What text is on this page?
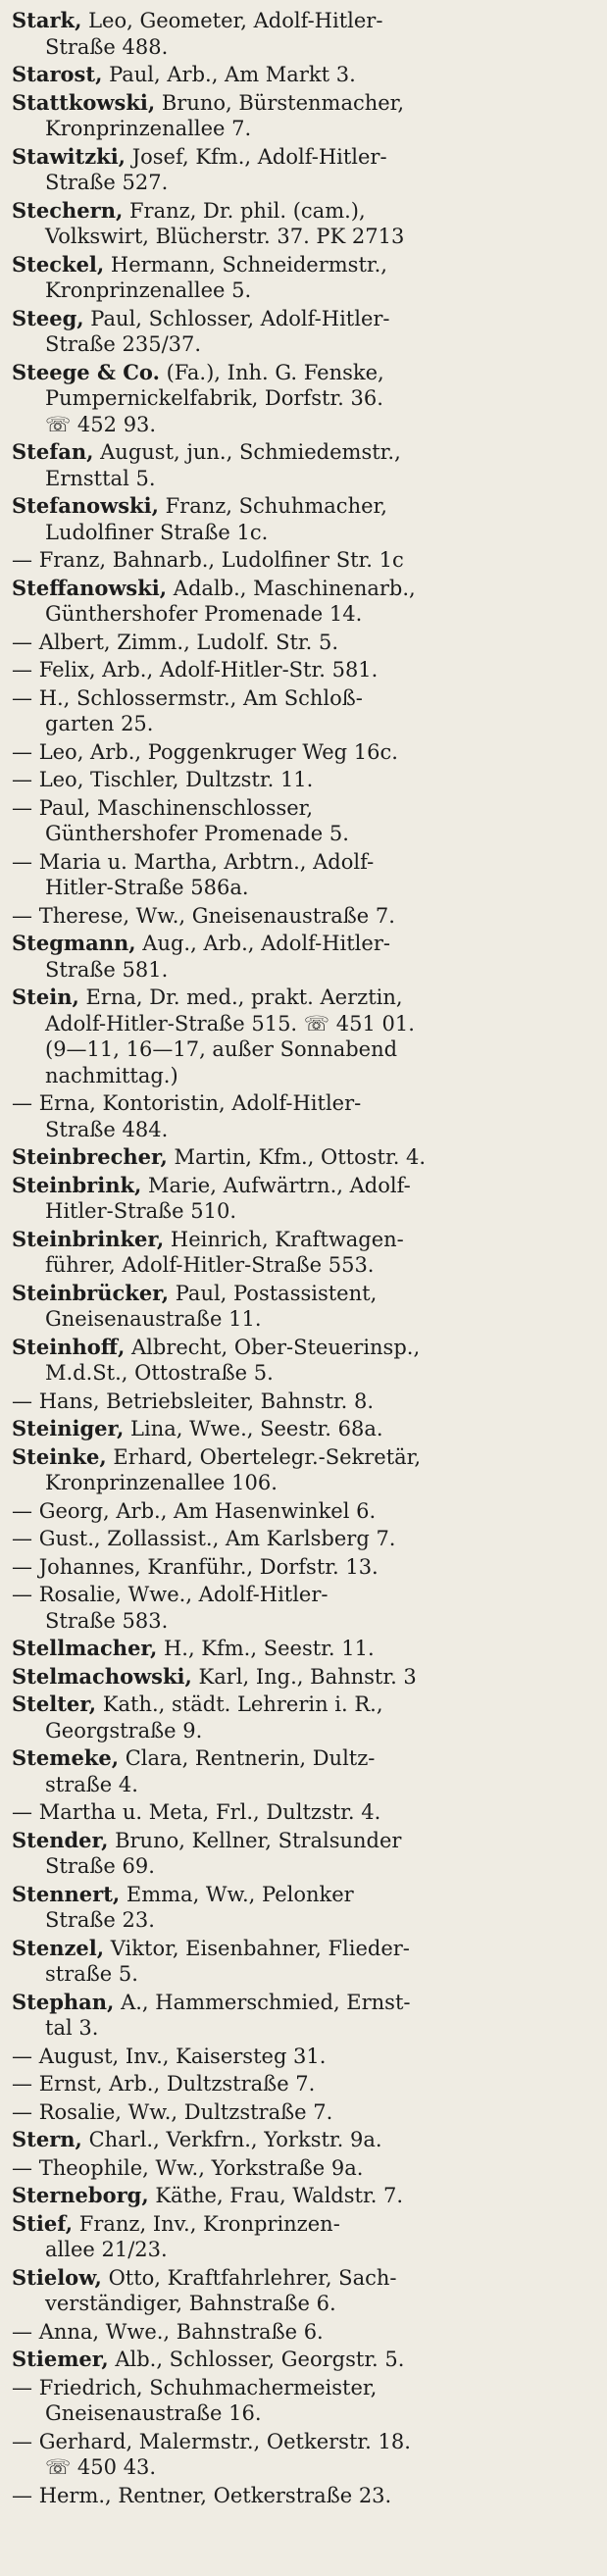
Stark, Leo, Geometer, Adolf-Hitler-
Straße 488.
Starost, Paul, Arb., Am Markt 3.
Stattkowski, Bruno, Bürstenmacher,
Kronprinzenallee 7.
Stawitzki, Josef, Kfm., Adolf-Hitler-
Straße 527.
Stechern, Franz, Dr. phil. (cam.),
Volkswirt, Blücherstr. 37. PK 2713
Steckel, Hermann, Schneidermstr.,
Kronprinzenallee 5.
Steeg, Paul, Schlosser, Adolf-Hitler-
Straße 235/37.
Steege & Co. (Fa.), Inh. G. Fenske,
Pumpernickelfabrik, Dorfstr. 36.
☏ 452 93.
Stefan, August, jun., Schmiedemstr.,
Ernsttal 5.
Stefanowski, Franz, Schuhmacher,
Ludolfiner Straße 1c.
— Franz, Bahnarb., Ludolfiner Str. 1c
Steffanowski, Adalb., Maschinenarb.,
Günthershofer Promenade 14.
— Albert, Zimm., Ludolf. Str. 5.
— Felix, Arb., Adolf-Hitler-Str. 581.
— H., Schlossermstr., Am Schloß-
garten 25.
— Leo, Arb., Poggenkruger Weg 16c.
— Leo, Tischler, Dultzstr. 11.
— Paul, Maschinenschlosser,
Günthershofer Promenade 5.
— Maria u. Martha, Arbtrn., Adolf-
Hitler-Straße 586a.
— Therese, Ww., Gneisenaustraße 7.
Stegmann, Aug., Arb., Adolf-Hitler-
Straße 581.
Stein, Erna, Dr. med., prakt. Aerztin,
Adolf-Hitler-Straße 515. ☏ 451 01.
(9—11, 16—17, außer Sonnabend
nachmittag.)
— Erna, Kontoristin, Adolf-Hitler-
Straße 484.
Steinbrecher, Martin, Kfm., Ottostr. 4.
Steinbrink, Marie, Aufwärtrn., Adolf-
Hitler-Straße 510.
Steinbrinker, Heinrich, Kraftwagen-
führer, Adolf-Hitler-Straße 553.
Steinbrücker, Paul, Postassistent,
Gneisenaustraße 11.
Steinhoff, Albrecht, Ober-Steuerinsp.,
M.d.St., Ottostraße 5.
— Hans, Betriebsleiter, Bahnstr. 8.
Steiniger, Lina, Wwe., Seestr. 68a.
Steinke, Erhard, Obertelegr.-Sekretär,
Kronprinzenallee 106.
— Georg, Arb., Am Hasenwinkel 6.
— Gust., Zollassist., Am Karlsberg 7.
— Johannes, Kranführ., Dorfstr. 13.
— Rosalie, Wwe., Adolf-Hitler-
Straße 583.
Stellmacher, H., Kfm., Seestr. 11.
Stelmachowski, Karl, Ing., Bahnstr. 3
Stelter, Kath., städt. Lehrerin i. R.,
Georgstraße 9.
Stemeke, Clara, Rentnerin, Dultz-
straße 4.
— Martha u. Meta, Frl., Dultzstr. 4.
Stender, Bruno, Kellner, Stralsunder
Straße 69.
Stennert, Emma, Ww., Pelonker
Straße 23.
Stenzel, Viktor, Eisenbahner, Flieder-
straße 5.
Stephan, A., Hammerschmied, Ernst-
tal 3.
— August, Inv., Kaisersteg 31.
— Ernst, Arb., Dultzstraße 7.
— Rosalie, Ww., Dultzstraße 7.
Stern, Charl., Verkfrn., Yorkstr. 9a.
— Theophile, Ww., Yorkstraße 9a.
Sterneborg, Käthe, Frau, Waldstr. 7.
Stief, Franz, Inv., Kronprinzen-
allee 21/23.
Stielow, Otto, Kraftfahrlehrer, Sach-
verständiger, Bahnstraße 6.
— Anna, Wwe., Bahnstraße 6.
Stiemer, Alb., Schlosser, Georgstr. 5.
— Friedrich, Schuhmachermeister,
Gneisenaustraße 16.
— Gerhard, Malermstr., Oetkerstr. 18.
☏ 450 43.
— Herm., Rentner, Oetkerstraße 23.
